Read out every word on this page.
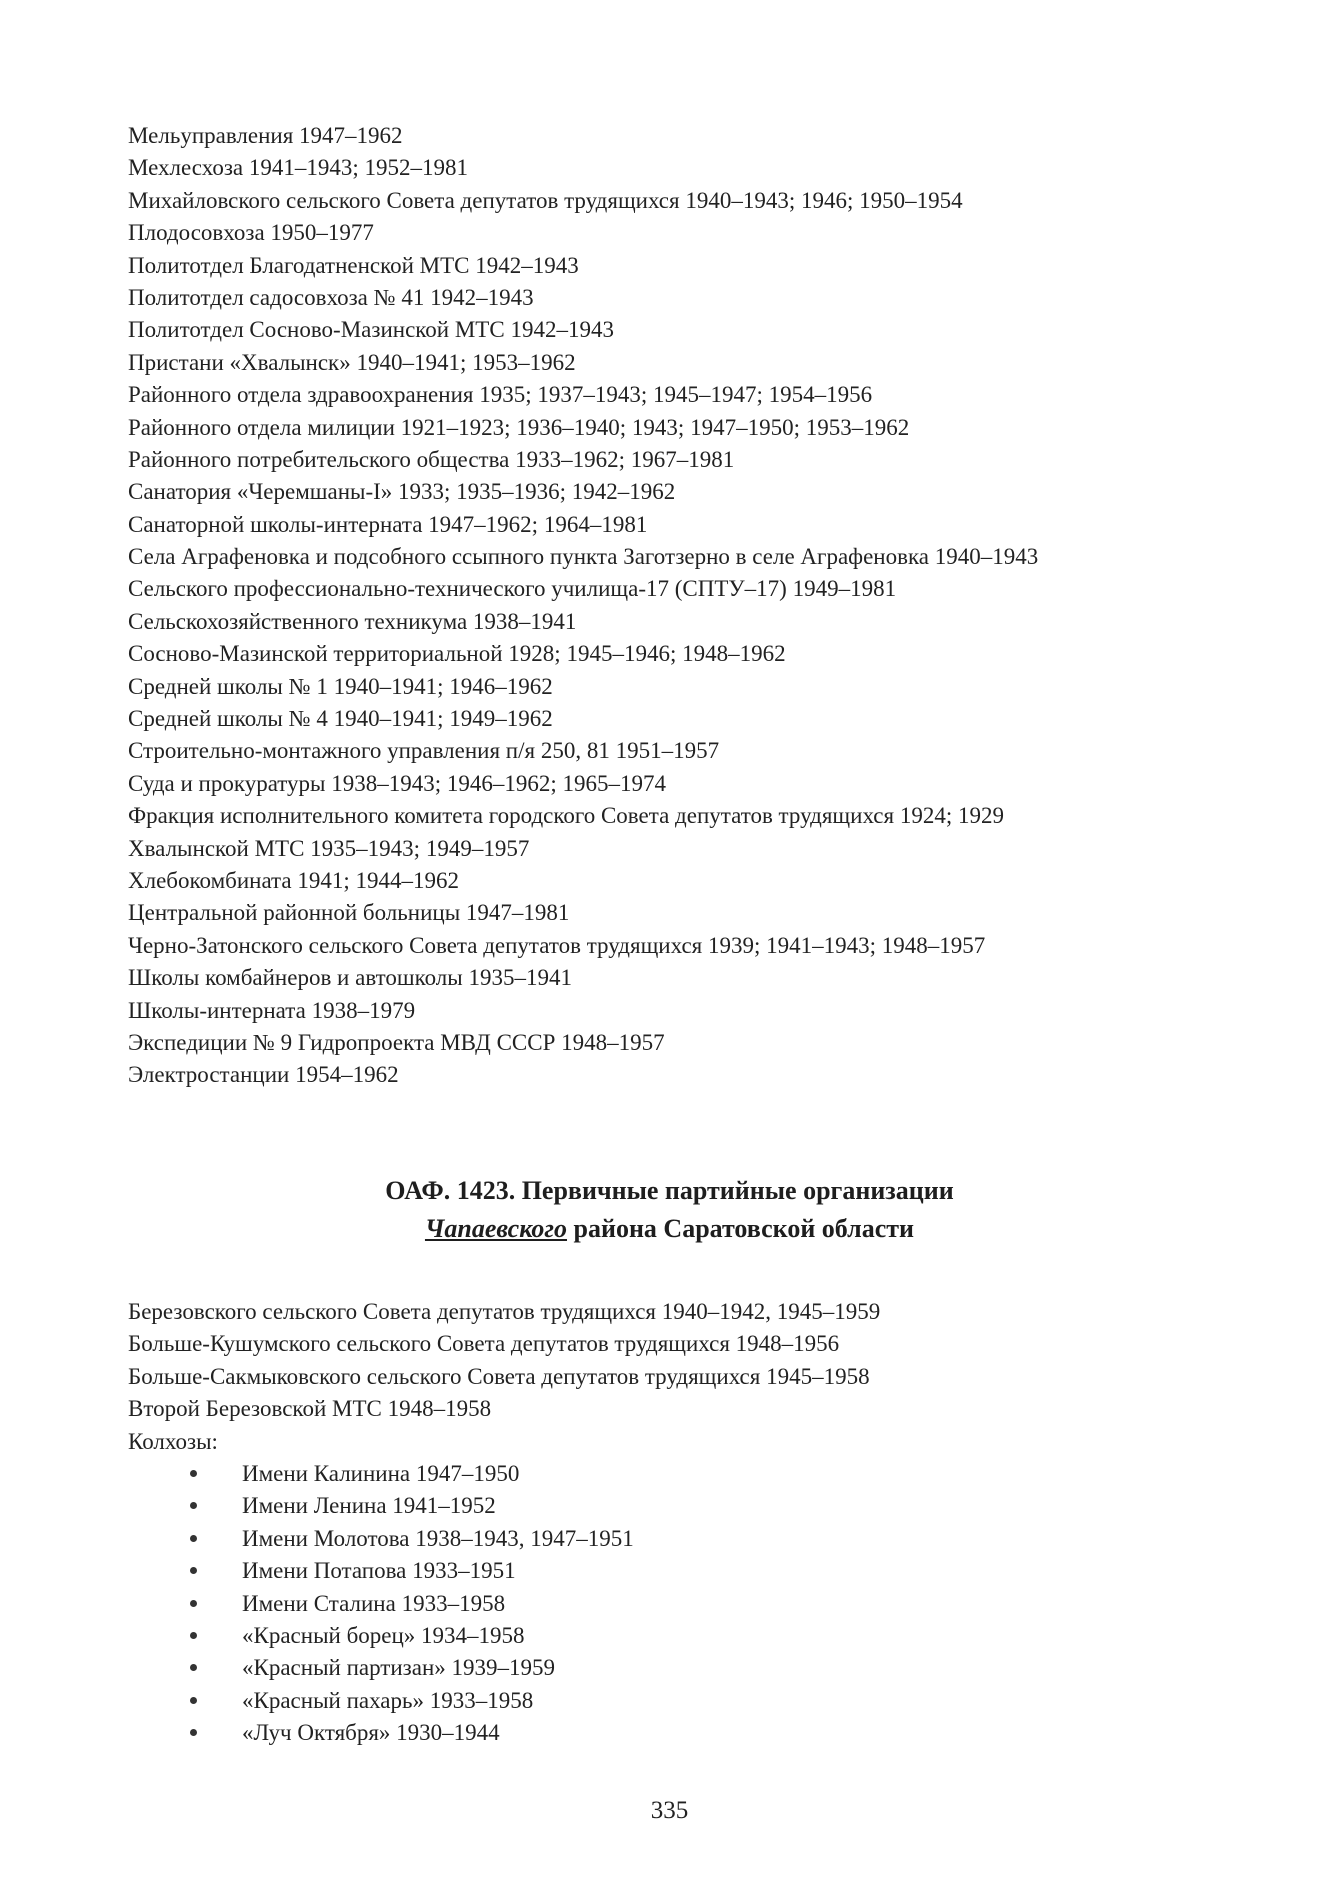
Мельуправления 1947–1962
Мехлесхоза 1941–1943; 1952–1981
Михайловского сельского Совета депутатов трудящихся 1940–1943; 1946; 1950–1954
Плодосовхоза 1950–1977
Политотдел Благодатненской МТС 1942–1943
Политотдел садосовхоза № 41 1942–1943
Политотдел Сосново-Мазинской МТС 1942–1943
Пристани «Хвалынск» 1940–1941; 1953–1962
Районного отдела здравоохранения 1935; 1937–1943; 1945–1947; 1954–1956
Районного отдела милиции 1921–1923; 1936–1940; 1943; 1947–1950; 1953–1962
Районного потребительского общества 1933–1962; 1967–1981
Санатория «Черемшаны-I» 1933; 1935–1936; 1942–1962
Санаторной школы-интерната 1947–1962; 1964–1981
Села Аграфеновка и подсобного ссыпного пункта Заготзерно в селе Аграфеновка 1940–1943
Сельского профессионально-технического училища-17 (СПТУ–17) 1949–1981
Сельскохозяйственного техникума 1938–1941
Сосново-Мазинской территориальной 1928; 1945–1946; 1948–1962
Средней школы № 1 1940–1941; 1946–1962
Средней школы № 4 1940–1941; 1949–1962
Строительно-монтажного управления п/я 250, 81 1951–1957
Суда и прокуратуры 1938–1943; 1946–1962; 1965–1974
Фракция исполнительного комитета городского Совета депутатов трудящихся 1924; 1929
Хвалынской МТС 1935–1943; 1949–1957
Хлебокомбината 1941; 1944–1962
Центральной районной больницы 1947–1981
Черно-Затонского сельского Совета депутатов трудящихся 1939; 1941–1943; 1948–1957
Школы комбайнеров и автошколы 1935–1941
Школы-интерната 1938–1979
Экспедиции № 9 Гидропроекта МВД СССР 1948–1957
Электростанции 1954–1962
ОАФ. 1423. Первичные партийные организации
Чапаевского района Саратовской области
Березовского сельского Совета депутатов трудящихся 1940–1942, 1945–1959
Больше-Кушумского сельского Совета депутатов трудящихся 1948–1956
Больше-Сакмыковского сельского Совета депутатов трудящихся 1945–1958
Второй Березовской МТС 1948–1958
Колхозы:
Имени Калинина 1947–1950
Имени Ленина 1941–1952
Имени Молотова 1938–1943, 1947–1951
Имени Потапова 1933–1951
Имени Сталина 1933–1958
«Красный борец» 1934–1958
«Красный партизан» 1939–1959
«Красный пахарь» 1933–1958
«Луч Октября» 1930–1944
335
